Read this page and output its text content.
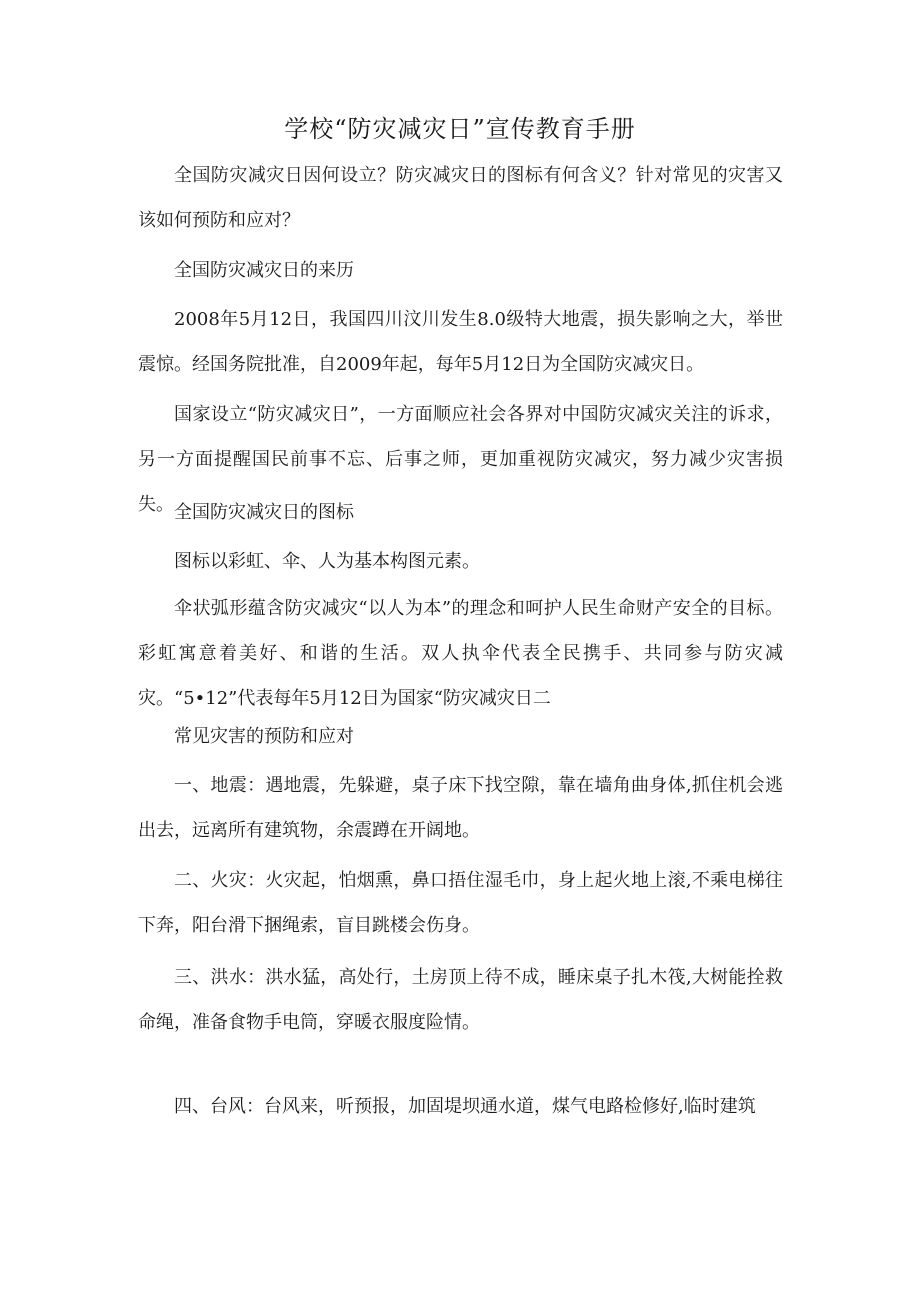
学校“防灾减灾日”宣传教育手册

全国防灾减灾日因何设立？防灾减灾日的图标有何含义？针对常见的灾害又该如何预防和应对？

全国防灾减灾日的来历

2008年5月12日，我国四川汶川发生8.0级特大地震，损失影响之大，举世震惊。经国务院批准，自2009年起，每年5月12日为全国防灾减灾日。

国家设立“防灾减灾日”，一方面顺应社会各界对中国防灾减灾关注的诉求，另一方面提醒国民前事不忘、后事之师，更加重视防灾减灾，努力减少灾害损失。 全国防灾减灾日的图标

图标以彩虹、伞、人为基本构图元素。

伞状弧形蕴含防灾减灾“以人为本”的理念和呵护人民生命财产安全的目标。彩虹寓意着美好、和谐的生活。双人执伞代表全民携手、共同参与防灾减灾。“5•12”代表每年5月12日为国家“防灾减灾日二

常见灾害的预防和应对

一、地震：遇地震，先躲避，桌子床下找空隙，靠在墙角曲身体,抓住机会逃出去，远离所有建筑物，余震蹲在开阔地。

二、火灾：火灾起，怕烟熏，鼻口捂住湿毛巾，身上起火地上滚,不乘电梯往下奔，阳台滑下捆绳索，盲目跳楼会伤身。

三、洪水：洪水猛，高处行，土房顶上待不成，睡床桌子扎木筏,大树能拴救命绳，准备食物手电筒，穿暖衣服度险情。

四、台风：台风来，听预报，加固堤坝通水道，煤气电路检修好,临时建筑
